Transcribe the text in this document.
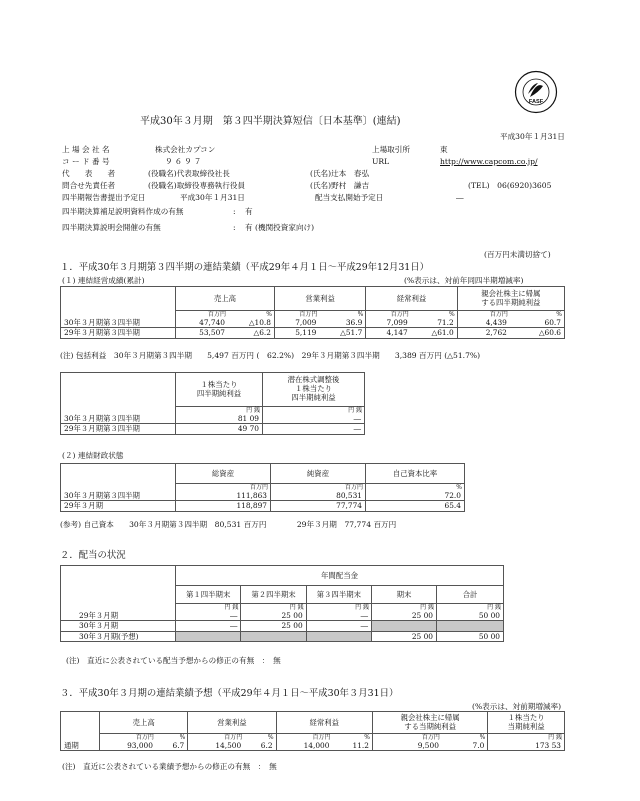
FASF
平成30年３月期　第３四半期決算短信〔日本基準〕(連結)
平成30年１月31日
上 場 会 社 名	株式会社カプコン	上場取引所	東
コ ー ド 番 号	９６９７	URL	http://www.capcom.co.jp/
代　　表　　者	(役職名)代表取締役社長	(氏名)辻本　春弘
問合せ先責任者	(役職名)取締役専務執行役員	(氏名)野村　謙吉	(TEL)　06(6920)3605
四半期報告書提出予定日	平成30年１月31日	配当支払開始予定日	―
四半期決算補足説明資料作成の有無	: 有
四半期決算説明会開催の有無	: 有 (機関投資家向け)
(百万円未満切捨て)
１．平成30年３月期第３四半期の連結業績（平成29年４月１日～平成29年12月31日）
(１) 連結経営成績(累計)	(%表示は、対前年同四半期増減率)
	売上高		営業利益		経常利益		親会社株主に帰属
する四半期純利益	
	百万円	%	百万円	%	百万円	%	百万円	%
30年３月期第３四半期	47,740	△10.8	7,009	36.9	7,099	71.2	4,439	60.7
29年３月期第３四半期	53,507	△6.2	5,119	△51.7	4,147	△61.0	2,762	△60.6
(注) 包括利益　30年３月期第３四半期　　5,497 百万円 (　62.2%)　29年３月期第３四半期　　3,389 百万円 (△51.7%)
	１株当たり
四半期純利益	潜在株式調整後
１株当たり
四半期純利益
	円 銭	円 銭
30年３月期第３四半期	81 09	―
29年３月期第３四半期	49 70	―
(２) 連結財政状態
	総資産	純資産	自己資本比率
	百万円	百万円	%
30年３月期第３四半期	111,863	80,531	72.0
29年３月期	118,897	77,774	65.4
(参考) 自己資本　　30年３月期第３四半期　80,531 百万円　　　　29年３月期　77,774 百万円
２．配当の状況
	年間配当金				
	第１四半期末	第２四半期末	第３四半期末	期末	合計
	円 銭	円 銭	円 銭	円 銭	円 銭
29年３月期	―	25 00	―	25 00	50 00
30年３月期	―	25 00	―		
30年３月期(予想)				25 00	50 00
(注)　直近に公表されている配当予想からの修正の有無　：　無
３．平成30年３月期の連結業績予想（平成29年４月１日～平成30年３月31日）
(%表示は、対前期増減率)
	売上高		営業利益		経常利益		親会社株主に帰属
する当期純利益		１株当たり
当期純利益
	百万円	%	百万円	%	百万円	%	百万円	%	円 銭
通期	93,000	6.7	14,500	6.2	14,000	11.2	9,500	7.0	173 53
(注)　直近に公表されている業績予想からの修正の有無　：　無
